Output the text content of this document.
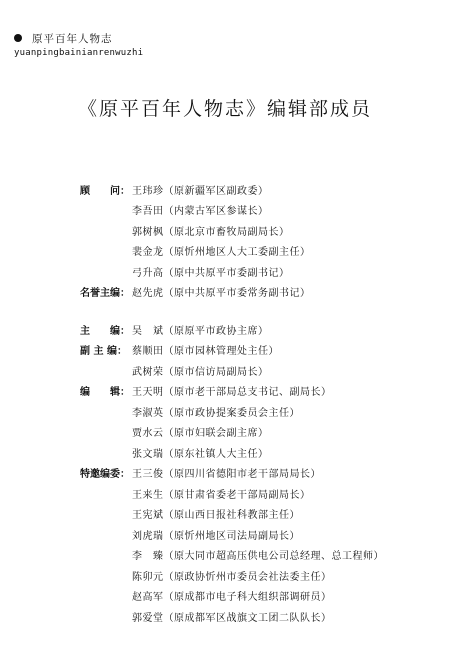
原平百年人物志
yuanpingbainianrenwuzhi
《原平百年人物志》编辑部成员
顾　　问： 王玮珍 （原新疆军区副政委）
李吾田 （内蒙古军区参谋长）
郭树枫 （原北京市畜牧局副局长）
裴金龙 （原忻州地区人大工委副主任）
弓升高 （原中共原平市委副书记）
名誉主编： 赵先虎 （原中共原平市委常务副书记）
主　　编： 吴　斌 （原原平市政协主席）
副 主 编： 蔡顺田 （原市园林管理处主任）
武树荣 （原市信访局副局长）
编　　辑： 王天明 （原市老干部局总支书记、副局长）
李淑英 （原市政协提案委员会主任）
贾水云 （原市妇联会副主席）
张文瑞 （原东社镇人大主任）
特邀编委： 王三俊 （原四川省德阳市老干部局局长）
王来生 （原甘肃省委老干部局副局长）
王宪斌 （原山西日报社科教部主任）
刘虎瑞 （原忻州地区司法局副局长）
李　臻 （原大同市超高压供电公司总经理、总工程师）
陈卯元 （原政协忻州市委员会社法委主任）
赵高军 （原成都市电子科大组织部调研员）
郭爱堂 （原成都军区战旗文工团二队队长）
